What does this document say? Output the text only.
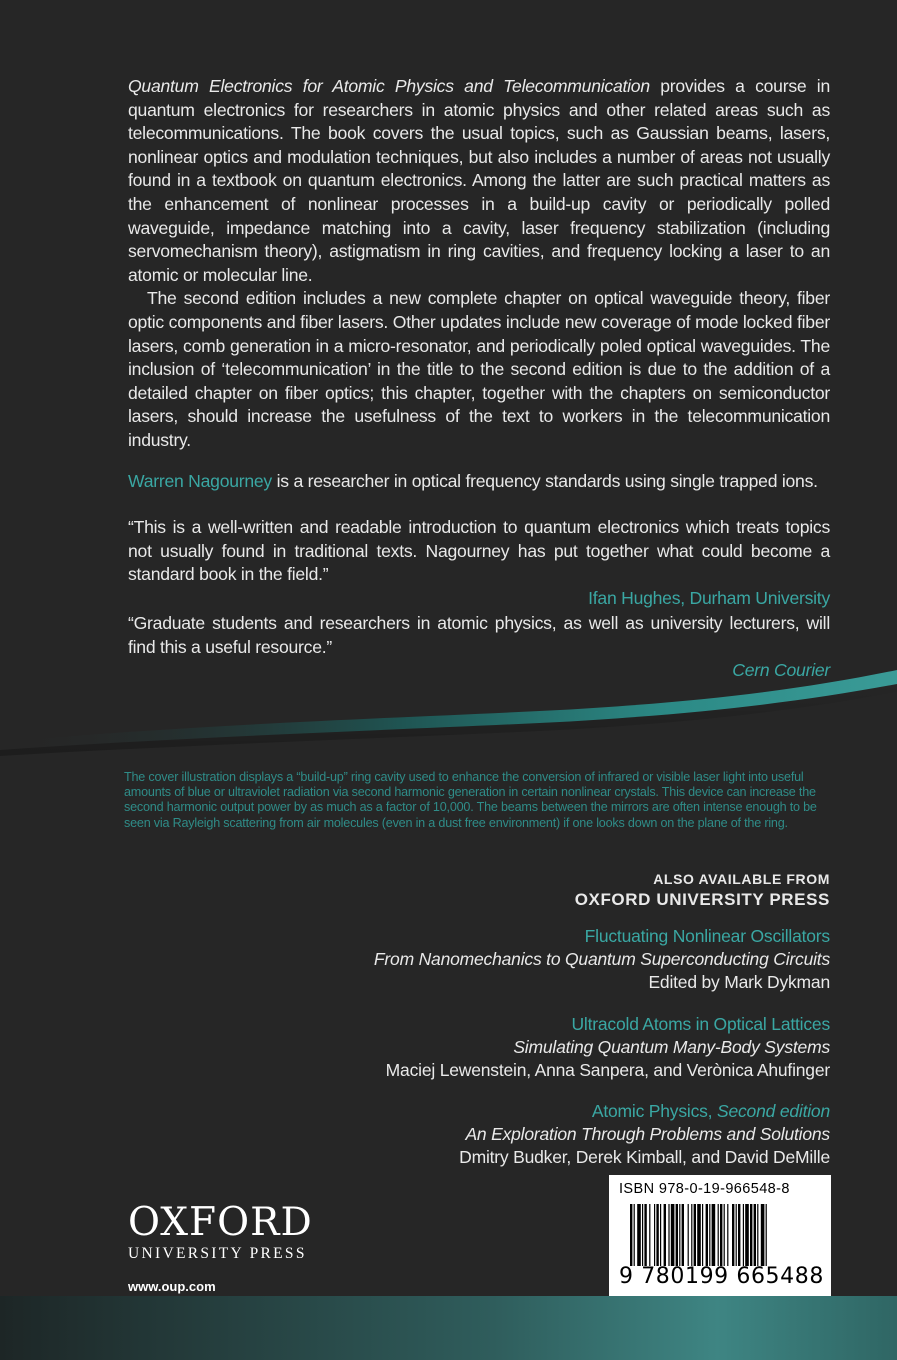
Quantum Electronics for Atomic Physics and Telecommunication provides a course in quantum electronics for researchers in atomic physics and other related areas such as telecommunications. The book covers the usual topics, such as Gaussian beams, lasers, nonlinear optics and modulation techniques, but also includes a number of areas not usually found in a textbook on quantum electronics. Among the latter are such practical matters as the enhancement of nonlinear processes in a build-up cavity or periodically polled waveguide, impedance matching into a cavity, laser frequency stabilization (including servomechanism theory), astigmatism in ring cavities, and frequency locking a laser to an atomic or molecular line.

The second edition includes a new complete chapter on optical waveguide theory, fiber optic components and fiber lasers. Other updates include new coverage of mode locked fiber lasers, comb generation in a micro-resonator, and periodically poled optical waveguides. The inclusion of ‘telecommunication’ in the title to the second edition is due to the addition of a detailed chapter on fiber optics; this chapter, together with the chapters on semiconductor lasers, should increase the usefulness of the text to workers in the telecommunication industry.

Warren Nagourney is a researcher in optical frequency standards using single trapped ions.
“This is a well-written and readable introduction to quantum electronics which treats topics not usually found in traditional texts. Nagourney has put together what could become a standard book in the field.”
Ifan Hughes, Durham University
“Graduate students and researchers in atomic physics, as well as university lecturers, will find this a useful resource.”
Cern Courier
The cover illustration displays a “build-up” ring cavity used to enhance the conversion of infrared or visible laser light into useful amounts of blue or ultraviolet radiation via second harmonic generation in certain nonlinear crystals. This device can increase the second harmonic output power by as much as a factor of 10,000. The beams between the mirrors are often intense enough to be seen via Rayleigh scattering from air molecules (even in a dust free environment) if one looks down on the plane of the ring.
ALSO AVAILABLE FROM
OXFORD UNIVERSITY PRESS
Fluctuating Nonlinear Oscillators
From Nanomechanics to Quantum Superconducting Circuits
Edited by Mark Dykman
Ultracold Atoms in Optical Lattices
Simulating Quantum Many-Body Systems
Maciej Lewenstein, Anna Sanpera, and Verònica Ahufinger
Atomic Physics, Second edition
An Exploration Through Problems and Solutions
Dmitry Budker, Derek Kimball, and David DeMille
OXFORD
UNIVERSITY PRESS
www.oup.com
ISBN 978-0-19-966548-8
9 780199 665488
